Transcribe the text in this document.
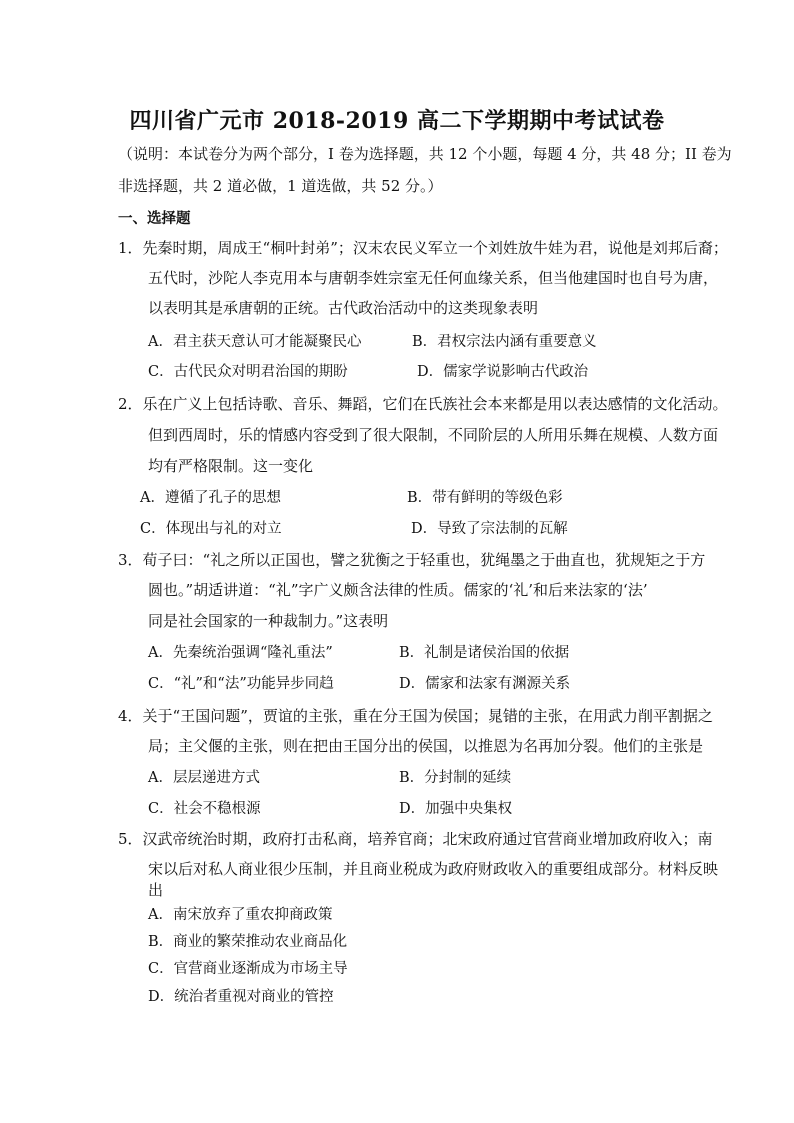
四川省广元市 2018-2019 高二下学期期中考试试卷
（说明：本试卷分为两个部分，I 卷为选择题，共 12 个小题，每题 4 分，共 48 分；II 卷为
非选择题，共 2 道必做，1 道选做，共 52 分。）
一、选择题
1．先秦时期，周成王“桐叶封弟”；汉末农民义军立一个刘姓放牛娃为君，说他是刘邦后裔；
五代时，沙陀人李克用本与唐朝李姓宗室无任何血缘关系，但当他建国时也自号为唐，
以表明其是承唐朝的正统。古代政治活动中的这类现象表明
A．君主获天意认可才能凝聚民心	B．君权宗法内涵有重要意义
C．古代民众对明君治国的期盼	D．儒家学说影响古代政治
2．乐在广义上包括诗歌、音乐、舞蹈，它们在氏族社会本来都是用以表达感情的文化活动。
但到西周时，乐的情感内容受到了很大限制，不同阶层的人所用乐舞在规模、人数方面
均有严格限制。这一变化
A．遵循了孔子的思想	B．带有鲜明的等级色彩
C．体现出与礼的对立	D．导致了宗法制的瓦解
3．荀子曰：“礼之所以正国也，譬之犹衡之于轻重也，犹绳墨之于曲直也，犹规矩之于方
圆也。”胡适讲道：“礼”字广义颇含法律的性质。儒家的‘礼’和后来法家的‘法’
同是社会国家的一种裁制力。”这表明
A．先秦统治强调“隆礼重法”	B．礼制是诸侯治国的依据
C．“礼”和“法”功能异步同趋	D．儒家和法家有渊源关系
4．关于“王国问题”，贾谊的主张，重在分王国为侯国；晁错的主张，在用武力削平割据之
局；主父偃的主张，则在把由王国分出的侯国，以推恩为名再加分裂。他们的主张是
A．层层递进方式	B．分封制的延续
C．社会不稳根源	D．加强中央集权
5．汉武帝统治时期，政府打击私商，培养官商；北宋政府通过官营商业增加政府收入；南
宋以后对私人商业很少压制，并且商业税成为政府财政收入的重要组成部分。材料反映
出
A．南宋放弃了重农抑商政策
B．商业的繁荣推动农业商品化
C．官营商业逐渐成为市场主导
D．统治者重视对商业的管控
